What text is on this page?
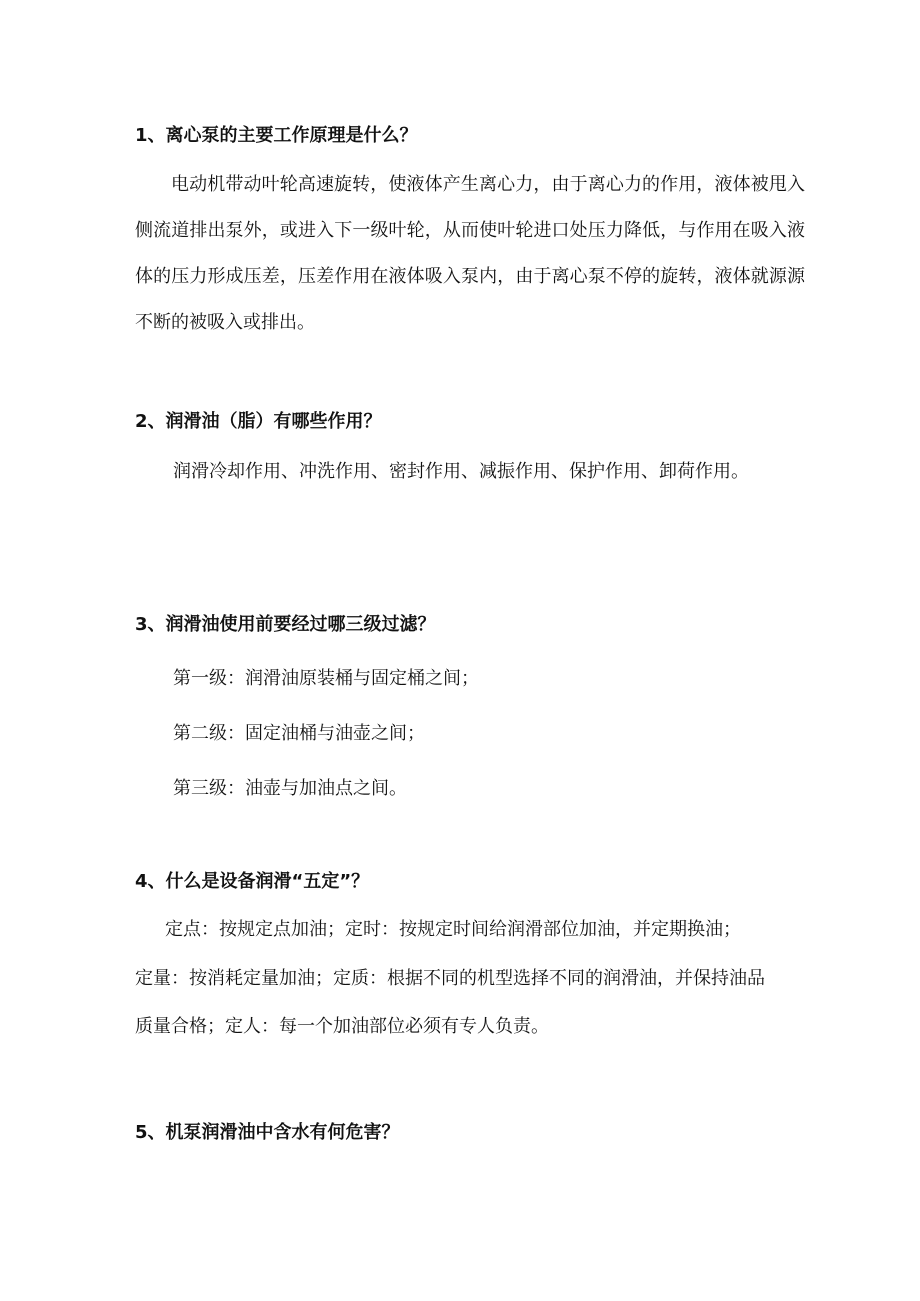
1、离心泵的主要工作原理是什么？

电动机带动叶轮高速旋转，使液体产生离心力，由于离心力的作用，液体被甩入侧流道排出泵外，或进入下一级叶轮，从而使叶轮进口处压力降低，与作用在吸入液体的压力形成压差，压差作用在液体吸入泵内，由于离心泵不停的旋转，液体就源源不断的被吸入或排出。

2、润滑油（脂）有哪些作用？

润滑冷却作用、冲洗作用、密封作用、减振作用、保护作用、卸荷作用。

3、润滑油使用前要经过哪三级过滤？

第一级：润滑油原装桶与固定桶之间；

第二级：固定油桶与油壶之间；

第三级：油壶与加油点之间。

4、什么是设备润滑“五定”？

定点：按规定点加油；定时：按规定时间给润滑部位加油，并定期换油；

定量：按消耗定量加油；定质：根据不同的机型选择不同的润滑油，并保持油品

质量合格；定人：每一个加油部位必须有专人负责。

5、机泵润滑油中含水有何危害？
